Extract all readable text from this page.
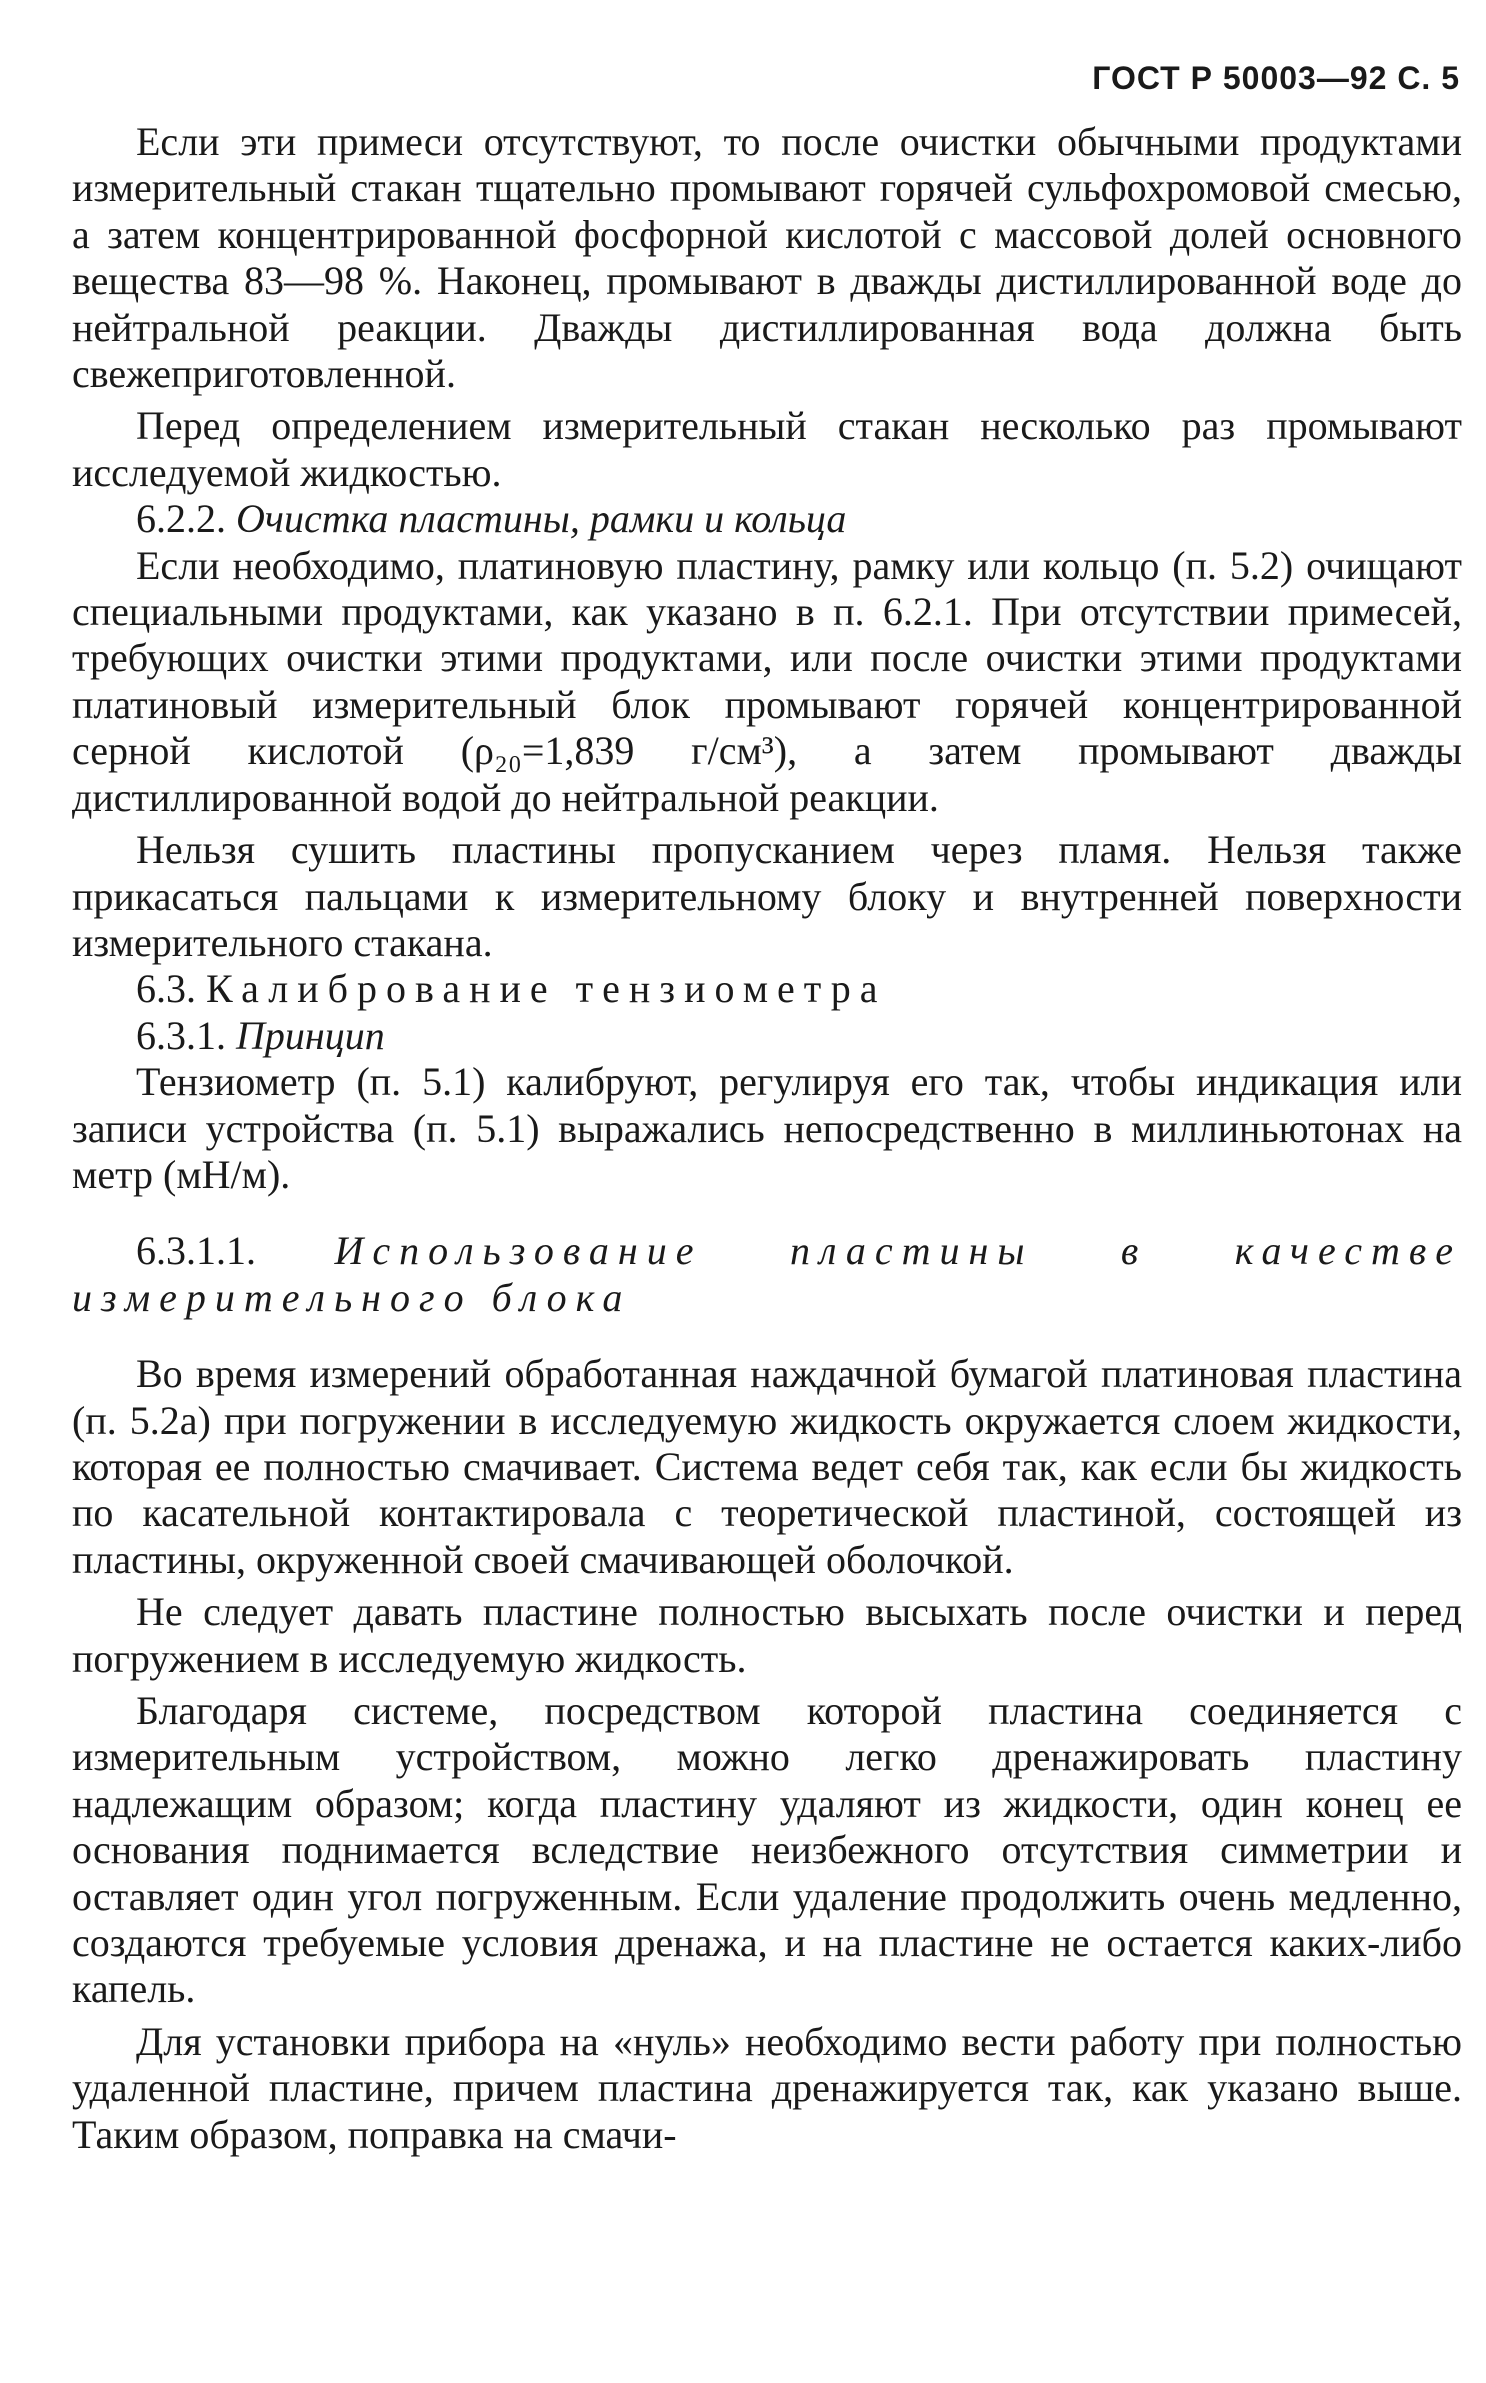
ГОСТ Р 50003—92 С. 5

Если эти примеси отсутствуют, то после очистки обычными продуктами измерительный стакан тщательно промывают горячей сульфохромовой смесью, а затем концентрированной фосфорной кислотой с массовой долей основного вещества 83—98 %. Наконец, промывают в дважды дистиллированной воде до нейтральной реакции. Дважды дистиллированная вода должна быть свежеприготовленной.

Перед определением измерительный стакан несколько раз промывают исследуемой жидкостью.

6.2.2. Очистка пластины, рамки и кольца

Если необходимо, платиновую пластину, рамку или кольцо (п. 5.2) очищают специальными продуктами, как указано в п. 6.2.1. При отсутствии примесей, требующих очистки этими продуктами, или после очистки этими продуктами платиновый измерительный блок промывают горячей концентрированной серной кислотой (ρ₂₀=1,839 г/см³), а затем промывают дважды дистиллированной водой до нейтральной реакции.

Нельзя сушить пластины пропусканием через пламя. Нельзя также прикасаться пальцами к измерительному блоку и внутренней поверхности измерительного стакана.

6.3. Калибрование тензиометра
6.3.1. Принцип

Тензиометр (п. 5.1) калибруют, регулируя его так, чтобы индикация или записи устройства (п. 5.1) выражались непосредственно в миллиньютонах на метр (мН/м).

6.3.1.1. Использование пластины в качестве измерительного блока

Во время измерений обработанная наждачной бумагой платиновая пластина (п. 5.2а) при погружении в исследуемую жидкость окружается слоем жидкости, которая ее полностью смачивает. Система ведет себя так, как если бы жидкость по касательной контактировала с теоретической пластиной, состоящей из пластины, окруженной своей смачивающей оболочкой.

Не следует давать пластине полностью высыхать после очистки и перед погружением в исследуемую жидкость.

Благодаря системе, посредством которой пластина соединяется с измерительным устройством, можно легко дренажировать пластину надлежащим образом; когда пластину удаляют из жидкости, один конец ее основания поднимается вследствие неизбежного отсутствия симметрии и оставляет один угол погруженным. Если удаление продолжить очень медленно, создаются требуемые условия дренажа, и на пластине не остается каких-либо капель.

Для установки прибора на «нуль» необходимо вести работу при полностью удаленной пластине, причем пластина дренажируется так, как указано выше. Таким образом, поправка на смачи-
